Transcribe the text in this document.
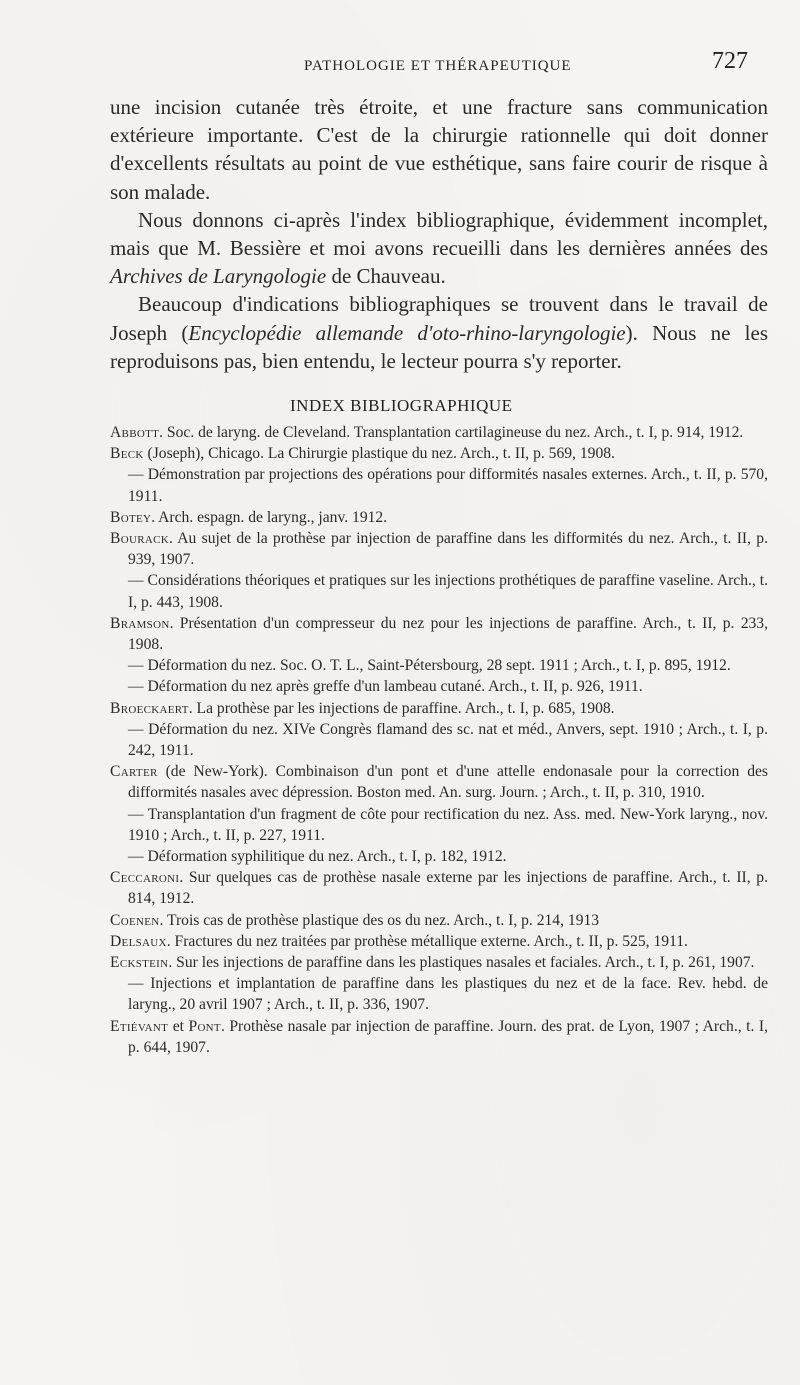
PATHOLOGIE ET THÉRAPEUTIQUE	727

une incision cutanée très étroite, et une fracture sans communication extérieure importante. C'est de la chirurgie rationnelle qui doit donner d'excellents résultats au point de vue esthétique, sans faire courir de risque à son malade.

Nous donnons ci-après l'index bibliographique, évidemment incomplet, mais que M. Bessière et moi avons recueilli dans les dernières années des Archives de Laryngologie de Chauveau.

Beaucoup d'indications bibliographiques se trouvent dans le travail de Joseph (Encyclopédie allemande d'oto-rhino-laryngologie). Nous ne les reproduisons pas, bien entendu, le lecteur pourra s'y reporter.

INDEX BIBLIOGRAPHIQUE

Abbott. Soc. de laryng. de Cleveland. Transplantation cartilagineuse du nez. Arch., t. I, p. 914, 1912.

Beck (Joseph), Chicago. La Chirurgie plastique du nez. Arch., t. II, p. 569, 1908.

— Démonstration par projections des opérations pour difformités nasales externes. Arch., t. II, p. 570, 1911.

Botey. Arch. espagn. de laryng., janv. 1912.

Bourack. Au sujet de la prothèse par injection de paraffine dans les difformités du nez. Arch., t. II, p. 939, 1907.

— Considérations théoriques et pratiques sur les injections prothétiques de paraffine vaseline. Arch., t. I, p. 443, 1908.

Bramson. Présentation d'un compresseur du nez pour les injections de paraffine. Arch., t. II, p. 233, 1908.

— Déformation du nez. Soc. O. T. L., Saint-Pétersbourg, 28 sept. 1911 ; Arch., t. I, p. 895, 1912.

— Déformation du nez après greffe d'un lambeau cutané. Arch., t. II, p. 926, 1911.

Broeckaert. La prothèse par les injections de paraffine. Arch., t. I, p. 685, 1908.

— Déformation du nez. XIVe Congrès flamand des sc. nat et méd., Anvers, sept. 1910 ; Arch., t. I, p. 242, 1911.

Carter (de New-York). Combinaison d'un pont et d'une attelle endonasale pour la correction des difformités nasales avec dépression. Boston med. An. surg. Journ. ; Arch., t. II, p. 310, 1910.

— Transplantation d'un fragment de côte pour rectification du nez. Ass. med. New-York laryng., nov. 1910 ; Arch., t. II, p. 227, 1911.

— Déformation syphilitique du nez. Arch., t. I, p. 182, 1912.

Ceccaroni. Sur quelques cas de prothèse nasale externe par les injections de paraffine. Arch., t. II, p. 814, 1912.

Coenen. Trois cas de prothèse plastique des os du nez. Arch., t. I, p. 214, 1913

Delsaux. Fractures du nez traitées par prothèse métallique externe. Arch., t. II, p. 525, 1911.

Eckstein. Sur les injections de paraffine dans les plastiques nasales et faciales. Arch., t. I, p. 261, 1907.

— Injections et implantation de paraffine dans les plastiques du nez et de la face. Rev. hebd. de laryng., 20 avril 1907 ; Arch., t. II, p. 336, 1907.

Etiévant et Pont. Prothèse nasale par injection de paraffine. Journ. des prat. de Lyon, 1907 ; Arch., t. I, p. 644, 1907.
